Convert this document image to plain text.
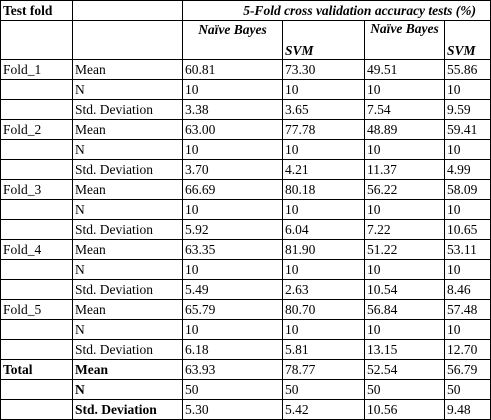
Test fold		5-Fold cross validation accuracy tests (%)			
		Naïve Bayes	SVM	Naïve Bayes	SVM
Fold_1	Mean	60.81	73.30	49.51	55.86
	N	10	10	10	10
	Std. Deviation	3.38	3.65	7.54	9.59
Fold_2	Mean	63.00	77.78	48.89	59.41
	N	10	10	10	10
	Std. Deviation	3.70	4.21	11.37	4.99
Fold_3	Mean	66.69	80.18	56.22	58.09
	N	10	10	10	10
	Std. Deviation	5.92	6.04	7.22	10.65
Fold_4	Mean	63.35	81.90	51.22	53.11
	N	10	10	10	10
	Std. Deviation	5.49	2.63	10.54	8.46
Fold_5	Mean	65.79	80.70	56.84	57.48
	N	10	10	10	10
	Std. Deviation	6.18	5.81	13.15	12.70
Total	Mean	63.93	78.77	52.54	56.79
	N	50	50	50	50
	Std. Deviation	5.30	5.42	10.56	9.48
